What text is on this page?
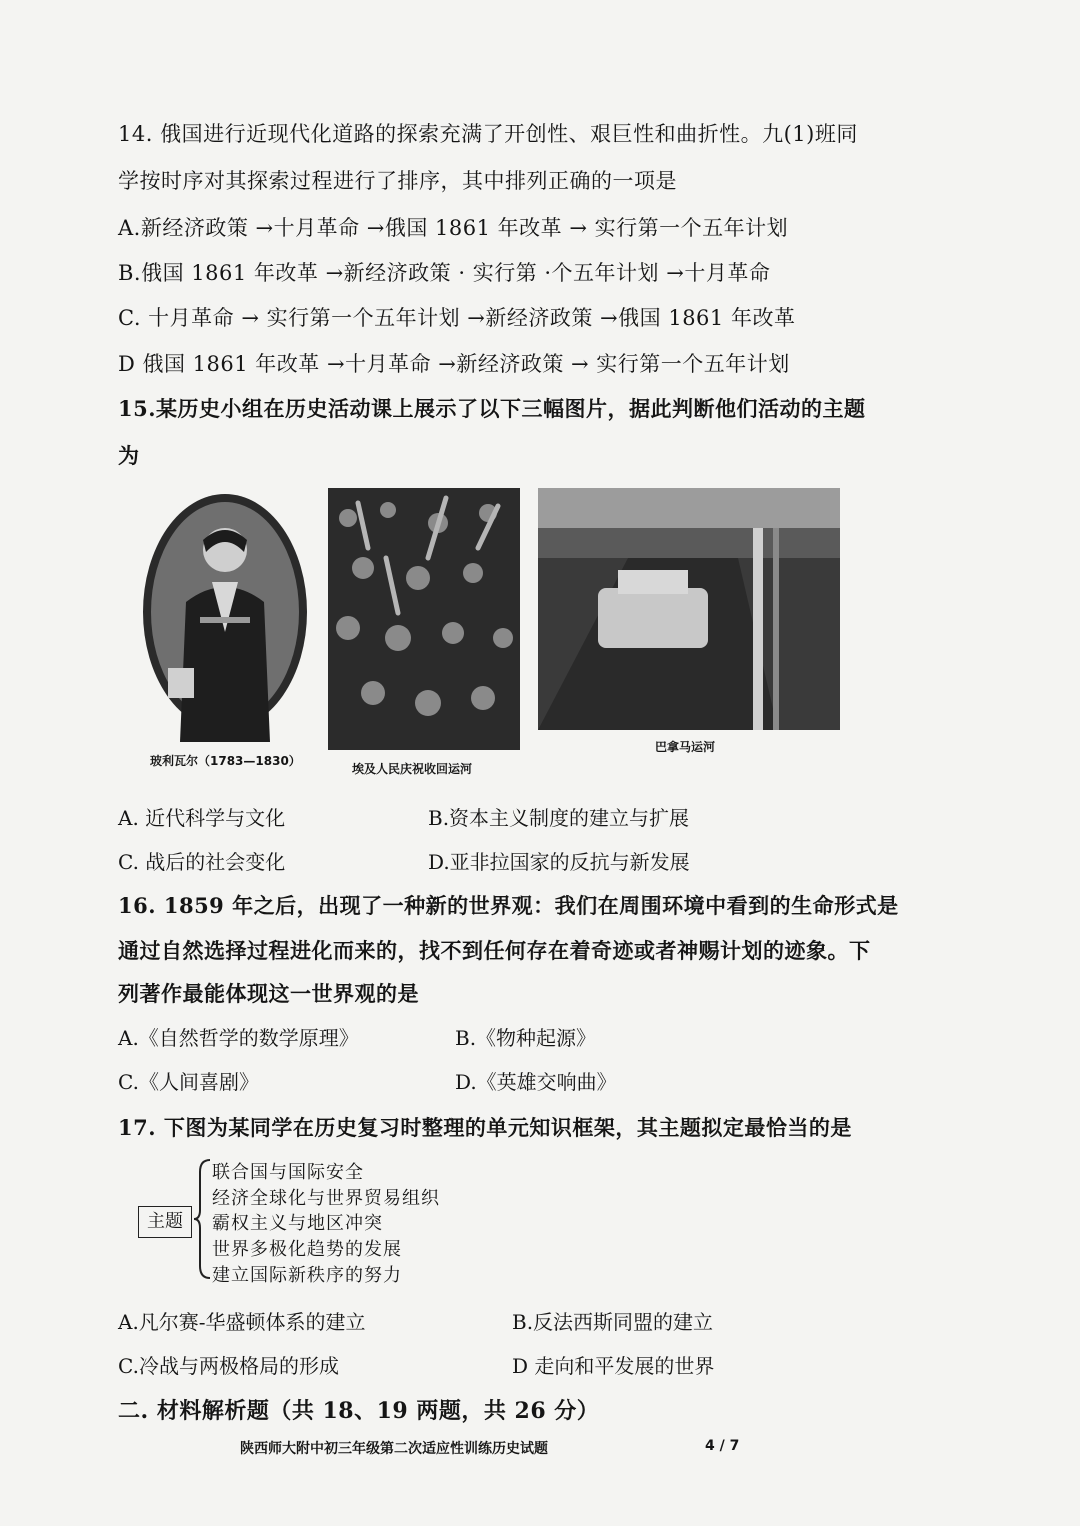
14. 俄国进行近现代化道路的探索充满了开创性、艰巨性和曲折性。九(1)班同
学按时序对其探索过程进行了排序，其中排列正确的一项是
A.新经济政策 →十月革命 →俄国 1861 年改革 → 实行第一个五年计划
B.俄国 1861 年改革 →新经济政策 · 实行第 ·个五年计划 →十月革命
C. 十月革命 → 实行第一个五年计划 →新经济政策 →俄国 1861 年改革
D 俄国 1861 年改革 →十月革命 →新经济政策 → 实行第一个五年计划
15.某历史小组在历史活动课上展示了以下三幅图片，据此判断他们活动的主题
为
玻利瓦尔（1783—1830）
埃及人民庆祝收回运河
巴拿马运河
A. 近代科学与文化	B.资本主义制度的建立与扩展
C. 战后的社会变化	D.亚非拉国家的反抗与新发展
16. 1859 年之后，出现了一种新的世界观：我们在周围环境中看到的生命形式是
通过自然选择过程进化而来的，找不到任何存在着奇迹或者神赐计划的迹象。下
列著作最能体现这一世界观的是
A.《自然哲学的数学原理》	B.《物种起源》
C.《人间喜剧》	D.《英雄交响曲》
17. 下图为某同学在历史复习时整理的单元知识框架，其主题拟定最恰当的是
主题
联合国与国际安全
经济全球化与世界贸易组织
霸权主义与地区冲突
世界多极化趋势的发展
建立国际新秩序的努力
A.凡尔赛-华盛顿体系的建立	B.反法西斯同盟的建立
C.冷战与两极格局的形成	D 走向和平发展的世界
二. 材料解析题（共 18、19 两题，共 26 分）
陕西师大附中初三年级第二次适应性训练历史试题	4 / 7
